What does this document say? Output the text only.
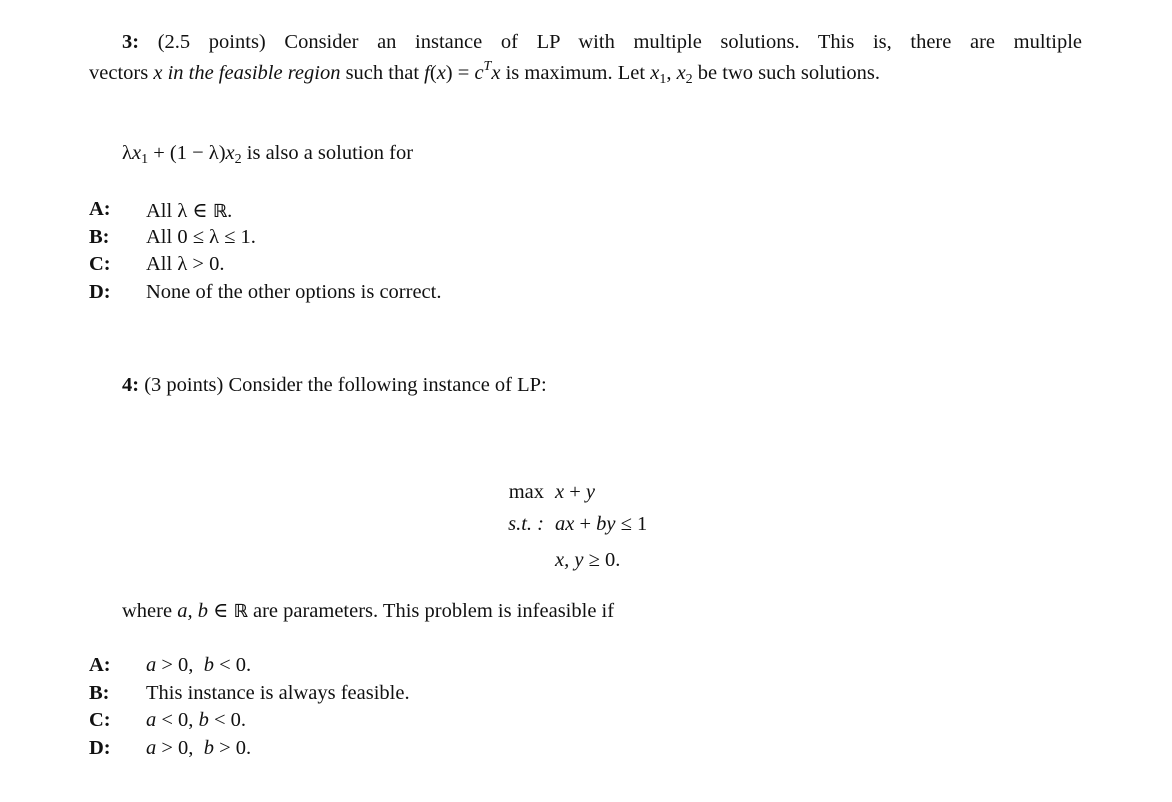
3: (2.5 points) Consider an instance of LP with multiple solutions. This is, there are multiple
vectors x in the feasible region such that $f(x) = c^Tx$ is maximum. Let $x_1$, $x_2$ be two such solutions.
$\lambda x_1 + (1 - \lambda)x_2$ is also a solution for
A: All λ ∈ ℝ.
B: All 0 ≤ λ ≤ 1.
C: All λ > 0.
D: None of the other options is correct.
4: (3 points) Consider the following instance of LP:
max x + y
s.t. : ax + by ≤ 1
x, y ≥ 0.
where a, b ∈ ℝ are parameters. This problem is infeasible if
A: a > 0,  b < 0.
B: This instance is always feasible.
C: a < 0, b < 0.
D: a > 0,  b > 0.
